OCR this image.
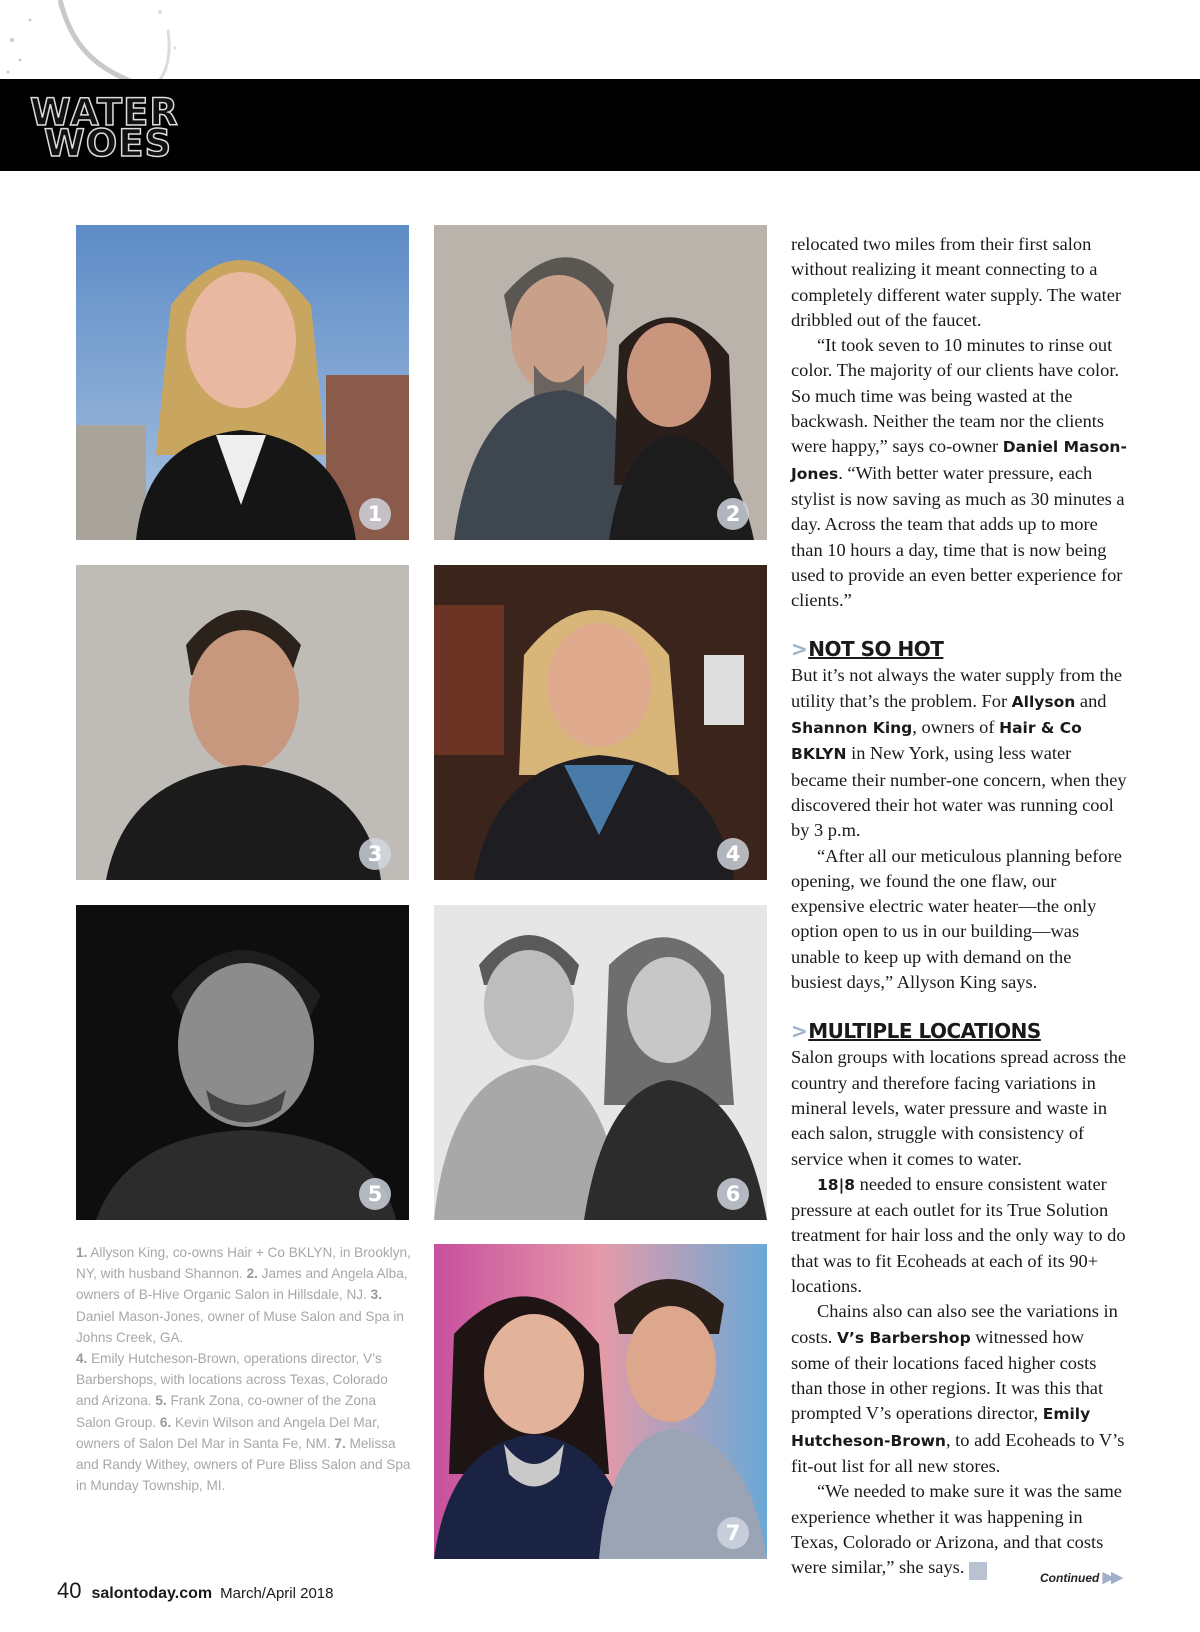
WATER
WOES
1	2
3	4
5	6
7
1. Allyson King, co-owns Hair + Co BKLYN, in Brooklyn, NY, with husband Shannon. 2. James and Angela Alba, owners of B-Hive Organic Salon in Hillsdale, NJ. 3. Daniel Mason-Jones, owner of Muse Salon and Spa in Johns Creek, GA.
4. Emily Hutcheson-Brown, operations director, V’s Barbershops, with locations across Texas, Colorado and Arizona. 5. Frank Zona, co-owner of the Zona Salon Group. 6. Kevin Wilson and Angela Del Mar, owners of Salon Del Mar in Santa Fe, NM. 7. Melissa and Randy Withey, owners of Pure Bliss Salon and Spa in Munday Township, MI.

relocated two miles from their first salon without realizing it meant connecting to a completely different water supply. The water dribbled out of the faucet.

“It took seven to 10 minutes to rinse out color. The majority of our clients have color. So much time was being wasted at the backwash. Neither the team nor the clients were happy,” says co-owner Daniel Mason-Jones. “With better water pressure, each stylist is now saving as much as 30 minutes a day. Across the team that adds up to more than 10 hours a day, time that is now being used to provide an even better experience for clients.”

>NOT SO HOT

But it’s not always the water supply from the utility that’s the problem. For Allyson and Shannon King, owners of Hair & Co BKLYN in New York, using less water became their number-one concern, when they discovered their hot water was running cool by 3 p.m.

“After all our meticulous planning before opening, we found the one flaw, our expensive electric water heater—the only option open to us in our building—was unable to keep up with demand on the busiest days,” Allyson King says.

>MULTIPLE LOCATIONS

Salon groups with locations spread across the country and therefore facing variations in mineral levels, water pressure and waste in each salon, struggle with consistency of service when it comes to water.

18|8 needed to ensure consistent water pressure at each outlet for its True Solution treatment for hair loss and the only way to do that was to fit Ecoheads at each of its 90+ locations.

Chains also can also see the variations in costs. V’s Barbershop witnessed how some of their locations faced higher costs than those in other regions. It was this that prompted V’s operations director, Emily Hutcheson-Brown, to add Ecoheads to V’s fit-out list for all new stores.

“We needed to make sure it was the same experience whether it was happening in Texas, Colorado or Arizona, and that costs were similar,” she says. st

40 salontoday.com March/April 2018
Continued ▶▶
